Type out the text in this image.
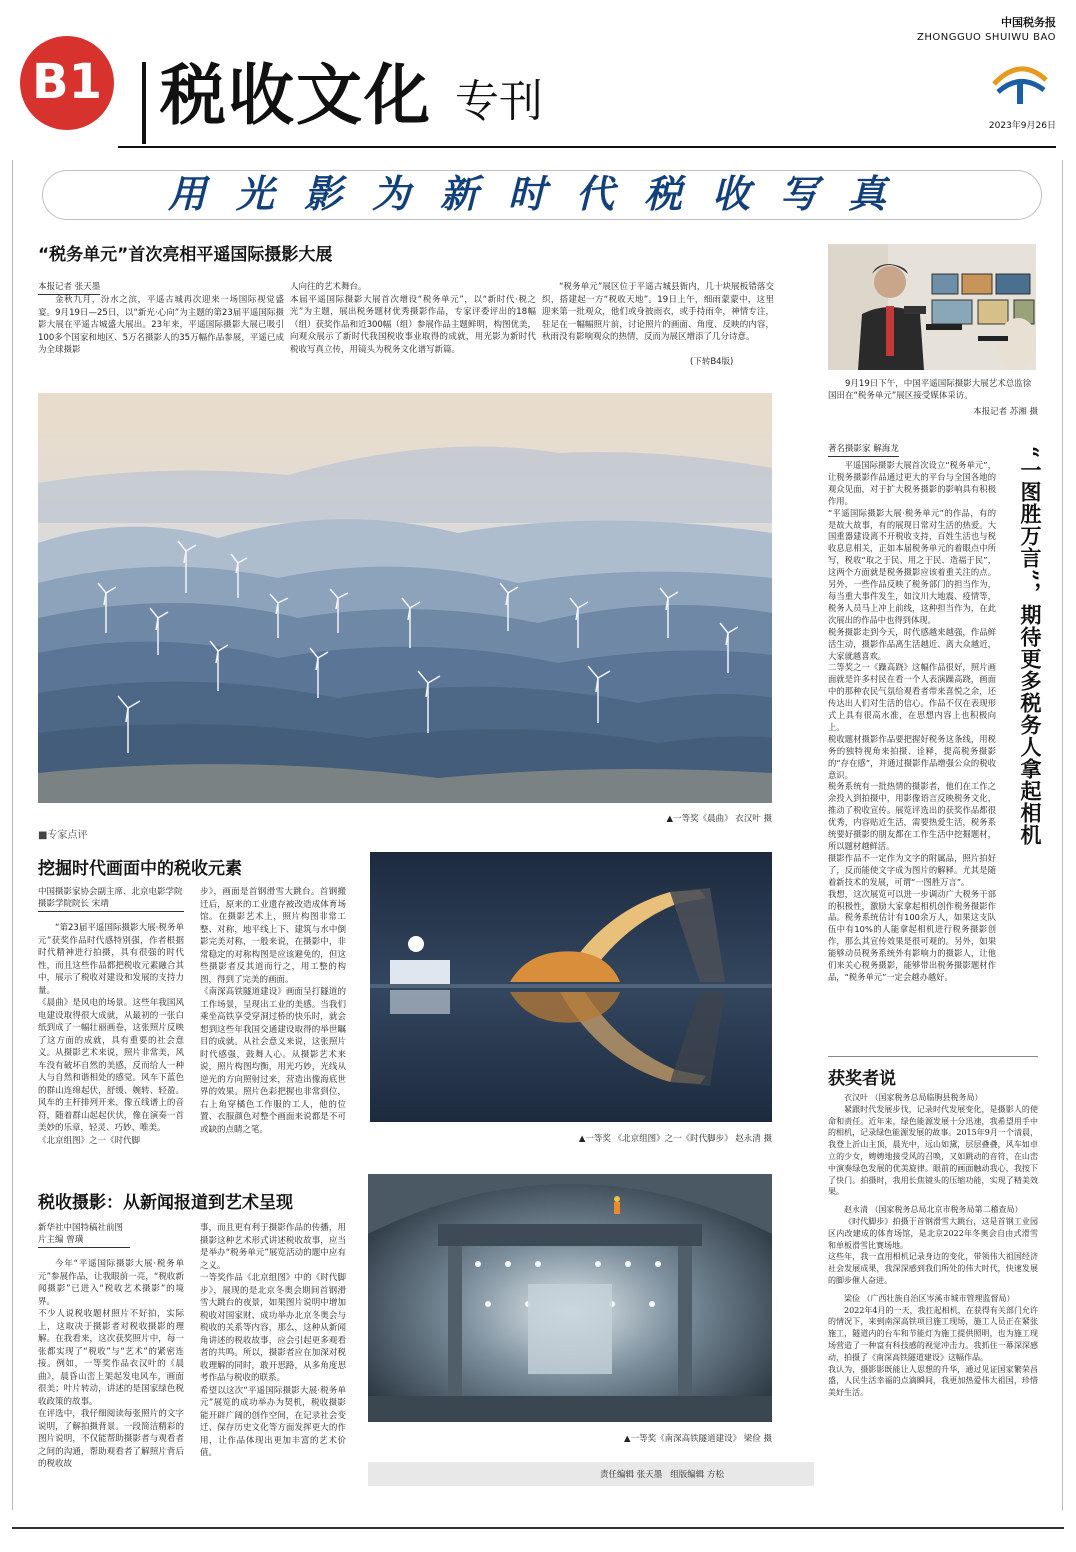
B1 税收文化 专刊
中国税务报
ZHONGGUO SHUIWU BAO
2023年9月26日
用光影为新时代税收写真
“税务单元”首次亮相平遥国际摄影大展
本报记者 张天墨
金秋九月，汾水之滨，平遥古城再次迎来一场国际视觉盛宴。9月19日—25日，以“新光·心向”为主题的第23届平遥国际摄影大展在平遥古城盛大展出。23年来，平遥国际摄影大展已吸引100多个国家和地区、5万名摄影人的35万幅作品参展，平遥已成为全球摄影
人向往的艺术舞台。
本届平遥国际摄影大展首次增设“税务单元”，以“新时代·税之光”为主题，展出税务题材优秀摄影作品，专家评委评出的18幅（组）获奖作品和近300幅（组）参展作品主题鲜明，构图优美，向观众展示了新时代我国税收事业取得的成就，用光影为新时代税收写真立传，用镜头为税务文化谱写新篇。
“税务单元”展区位于平遥古城县衙内，几十块展板错落交织，搭建起一方“税收天地”。19日上午，细雨蒙蒙中，这里迎来第一批观众，他们或身披雨衣，或手持雨伞，神情专注，驻足在一幅幅照片前，讨论照片的画面、角度、反映的内容，秋雨没有影响观众的热情，反而为展区增添了几分诗意。
(下转B4版)
▲一等奖《晨曲》 衣汉叶 摄
9月19日下午，中国平遥国际摄影大展艺术总监徐国田在“税务单元”展区接受媒体采访。
本报记者 苏湘 摄
著名摄影家 解海龙
平遥国际摄影大展首次设立“税务单元”，让税务摄影作品通过更大的平台与全国各地的观众见面，对于扩大税务摄影的影响具有积极作用。
“平遥国际摄影大展·税务单元”的作品，有的是故大故事，有的展现日常对生活的热爱。大国重器建设离不开税收支持，百姓生活也与税收息息相关，正如本届税务单元的着眼点中所写，税收“取之于民、用之于民、造福于民”，这两个方面就是税务摄影应该着重关注的点。另外，一些作品反映了税务部门的担当作为，每当重大事件发生，如汶川大地震、疫情等，税务人员马上冲上前线，这种担当作为，在此次展出的作品中也得到体现。
税务摄影走到今天，时代感越来越强，作品鲜活生动，摄影作品离生活越近、离大众越近，大家就越喜欢。
二等奖之一《躁高跷》这幅作品很好，照片画面就是许多村民在看一个人表演躁高跷，画面中的那种农民气氛给观看者带来喜悦之余，还传达出人们对生活的信心。作品不仅在表现形式上具有很高水准，在思想内容上也积极向上。
税收题材摄影作品要把握好税务这条线，用税务的独特视角来拍摄、诠释，提高税务摄影的“存在感”，并通过摄影作品增强公众的税收意识。
税务系统有一批热情的摄影者，他们在工作之余投入到拍摄中，用影像语言反映税务文化，推动了税收宣传。展览评选出的获奖作品都很优秀，内容贴近生活，需要热爱生活，税务系统要好摄影的朋友都在工作生活中挖掘题材，所以题材越鲜活。
摄影作品不一定作为文字的附属品，照片拍好了，反而能使文字成为图片的解释。尤其是随着新技术的发展，可谓“一图胜万言”。
我想，这次展览可以进一步调动广大税务干部的积极性，激励大家拿起相机创作税务摄影作品。税务系统估计有100余万人，如果这支队伍中有10%的人能拿起相机进行税务摄影创作，那么其宣传效果是很可观的。另外，如果能够动员税务系统外有影响力的摄影人，让他们来关心税务摄影，能够带出税务摄影题材作品，“税务单元”一定会越办越好。
“一图胜万言”，期待更多税务人拿起相机
获奖者说
衣汉叶 （国家税务总局临朐县税务局）
紧跟时代发展步伐，记录时代发展变化，是摄影人的使命和责任。近年来，绿色能源发展十分迅速，我希望用手中的相机，记录绿色能源发展的故事。2015年9月一个清晨，我登上沂山主顶，晨光中，远山如黛，层层叠叠，风车如卓立的少女，娉娉地接受风的召唤，又如跳动的音符，在山峦中演奏绿色发展的优美旋律。眼前的画面触动我心，我按下了快门。拍摄时，我用长焦镜头的压缩功能，实现了精美效果。
赵永清 （国家税务总局北京市税务局第二稽查局）
《时代脚步》拍摄于首钢滑雪大跳台，这是首钢工业园区内改建成的体育场馆，是北京2022年冬奥会自由式滑雪和单板滑雪比赛场地。
这些年，我一直用相机记录身边的变化，带领伟大祖国经济社会发展成果，我深深感到我们所处的伟大时代，快速发展的脚步催人奋进。
梁俭 （广西壮族自治区岑溪市城市管理监督局）
2022年4月的一天，我扛起相机，在获得有关部门允许的情况下，来到南深高铁项目施工现场，施工人员正在紧张施工，隧道内的台车和节能灯为施工提供照明，也为施工现场营造了一种富有科技感的视觉冲击力。我抓住一幕深深感动，拍摄了《南深高铁隧道建设》这幅作品。
我认为，摄影影既能让人思想的升华，通过见证国家繁荣昌盛，人民生活幸福的点滴瞬间，我更加热爱伟大祖国，珍惜美好生活。
■专家点评
挖掘时代画面中的税收元素
中国摄影家协会副主席、北京电影学院摄影学院院长 宋靖
“第23届平遥国际摄影大展·税务单元”获奖作品时代感特别强，作者根据时代精神进行拍摄，具有很强的时代性，而且这些作品都把税收元素融合其中，展示了税收对建设和发展的支持力量。
《晨曲》是风电的场景。这些年我国风电建设取得很大成就，从最初的一张白纸到成了一幅壮丽画卷，这张照片反映了这方面的成就，具有重要的社会意义。从摄影艺术来说，照片非常美，风车没有破坏自然的美感，反而给人一种人与自然和谐相处的感觉。风车下蓝色的群山连绵起伏，舒缓、婉转、轻盈。风车的主杆排列开来，像五线谱上的音符，随着群山起起伏伏，像在演奏一首美妙的乐章，轻灵、巧妙、唯美。
《北京组图》之一《时代脚
步》，画面是首钢滑雪大跳台。首钢搬迁后，原来的工业遗存被改造成体育场馆。在摄影艺术上，照片构图非常工整、对称，地平线上下、建筑与水中倒影完美对称，一般来说，在摄影中，非常稳定的对称构图是应该避免的，但这些摄影者反其道而行之，用工整的构图，得到了完美的画面。
《南深高铁隧道建设》画面呈打隧道的工作场景，呈现出工业的美感。当我们乘坐高铁享受穿洞过桥的快乐时，就会想到这些年我国交通建设取得的举世瞩目的成就。从社会意义来说，这张照片时代感强，鼓舞人心。从摄影艺术来说，照片构图均衡，用光巧妙，光线从逆光的方向照射过来，营造出像海底世界的效果。照片色彩把握也非常到位，右上角穿橘色工作服的工人，他的位置、衣服颜色对整个画面来说都是不可或缺的点睛之笔。
▲一等奖 《北京组图》之一《时代脚步》 赵永清 摄
税收摄影：从新闻报道到艺术呈现
新华社中国特稿社前图片主编 曾璜
今年“平遥国际摄影大展·税务单元”参展作品，让我眼前一亮，“税收新闻摄影”已进入“税收艺术摄影”的境界。
不少人说税收题材照片不好拍，实际上，这取决于摄影者对税收摄影的理解。在我看来，这次获奖照片中，每一张都实现了“税收”与“艺术”的紧密连接。例如，一等奖作品衣汉叶的《晨曲》，晨昏山峦上架起发电风车，画面很美；叶片转动，讲述的是国家绿色税收政策的故事。
在评选中，我仔细阅读每张照片的文字说明，了解拍摄背景。一段简洁精彩的图片说明，不仅能帮助摄影者与观看者之间的沟通，帮助观看者了解照片背后的税收故
事，而且更有利于摄影作品的传播，用摄影这种艺术形式讲述税收故事，应当是举办“税务单元”展览活动的题中应有之义。
一等奖作品《北京组图》中的《时代脚步》，展现的是北京冬奥会期间首钢滑雪大跳台的夜景，如果图片说明中增加税收对国家财、成功举办北京冬奥会与税收的关系等内容，那么，这种从新闻角讲述的税收故事，应会引起更多观看者的共鸣。所以，摄影者应在加深对税收理解的同时，敢开思路，从多角度思考作品与税收的联系。
希望以这次“平遥国际摄影大展·税务单元”展览的成功举办为契机，税收摄影能开辟广阔的创作空间，在记录社会变迁、保存历史文化等方面发挥更大的作用，让作品体现出更加丰富的艺术价值。
▲一等奖《南深高铁隧道建设》 梁俭 摄
责任编辑 张天墨   组版编辑 方松
